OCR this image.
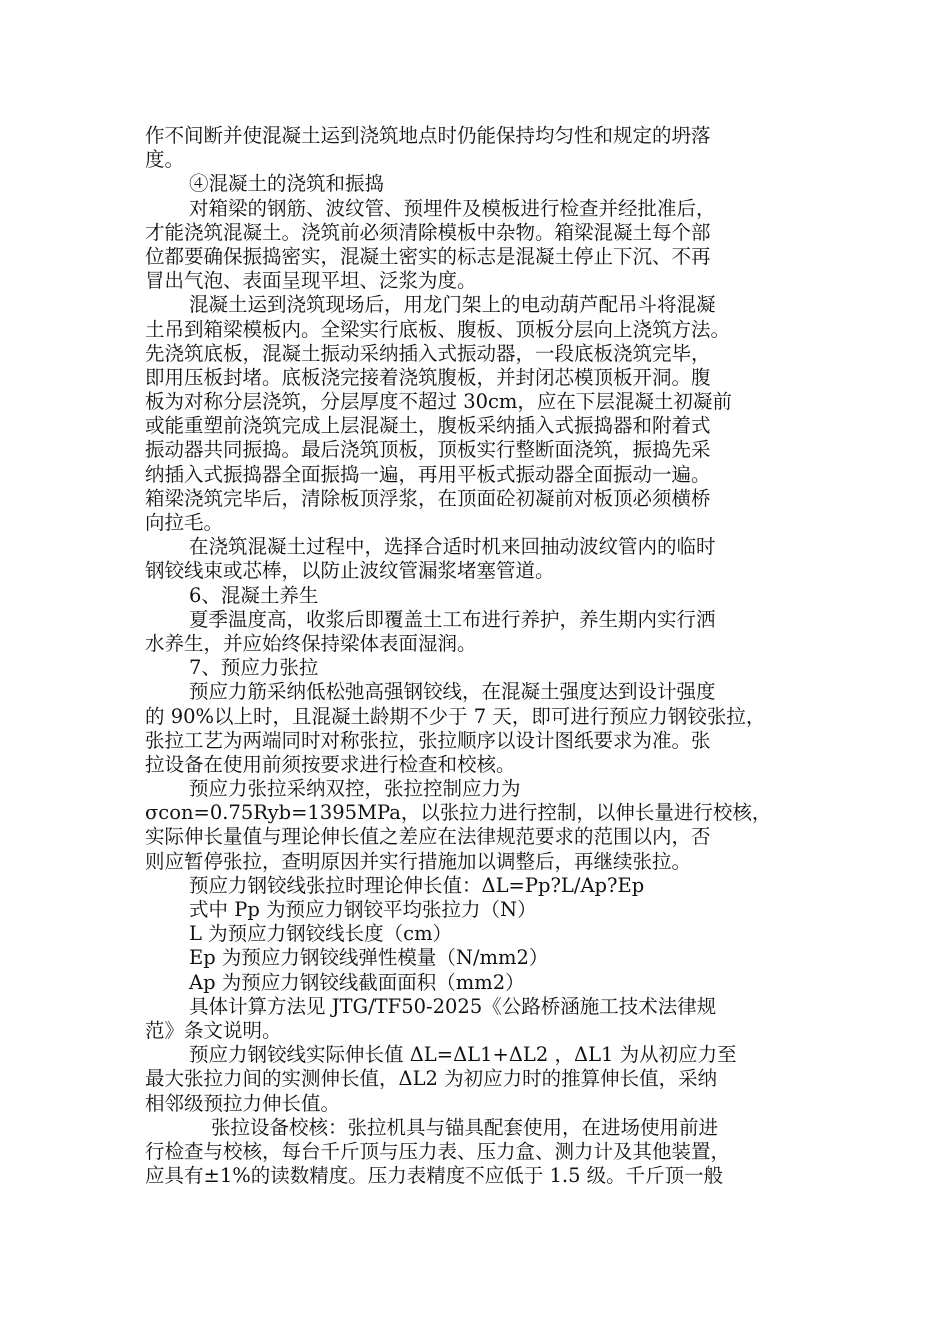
作不间断并使混凝土运到浇筑地点时仍能保持均匀性和规定的坍落
度。
④混凝土的浇筑和振捣
对箱梁的钢筋、波纹管、预埋件及模板进行检查并经批准后，
才能浇筑混凝土。浇筑前必须清除模板中杂物。箱梁混凝土每个部
位都要确保振捣密实，混凝土密实的标志是混凝土停止下沉、不再
冒出气泡、表面呈现平坦、泛浆为度。
混凝土运到浇筑现场后，用龙门架上的电动葫芦配吊斗将混凝
土吊到箱梁模板内。全梁实行底板、腹板、顶板分层向上浇筑方法。
先浇筑底板，混凝土振动采纳插入式振动器，一段底板浇筑完毕，
即用压板封堵。底板浇完接着浇筑腹板，并封闭芯模顶板开洞。腹
板为对称分层浇筑，分层厚度不超过 30cm，应在下层混凝土初凝前
或能重塑前浇筑完成上层混凝土，腹板采纳插入式振捣器和附着式
振动器共同振捣。最后浇筑顶板，顶板实行整断面浇筑，振捣先采
纳插入式振捣器全面振捣一遍，再用平板式振动器全面振动一遍。
箱梁浇筑完毕后，清除板顶浮浆，在顶面砼初凝前对板顶必须横桥
向拉毛。
在浇筑混凝土过程中，选择合适时机来回抽动波纹管内的临时
钢铰线束或芯棒，以防止波纹管漏浆堵塞管道。
6、混凝土养生
夏季温度高，收浆后即覆盖土工布进行养护，养生期内实行洒
水养生，并应始终保持梁体表面湿润。
7、预应力张拉
预应力筋采纳低松弛高强钢铰线，在混凝土强度达到设计强度
的 90%以上时，且混凝土龄期不少于 7 天，即可进行预应力钢铰张拉，
张拉工艺为两端同时对称张拉，张拉顺序以设计图纸要求为准。张
拉设备在使用前须按要求进行检查和校核。
预应力张拉采纳双控，张拉控制应力为
σcon=0.75Ryb=1395MPa，以张拉力进行控制，以伸长量进行校核，
实际伸长量值与理论伸长值之差应在法律规范要求的范围以内，否
则应暂停张拉，查明原因并实行措施加以调整后，再继续张拉。
预应力钢铰线张拉时理论伸长值：ΔL=Pp?L/Ap?Ep
式中 Pp 为预应力钢铰平均张拉力（N）
L 为预应力钢铰线长度（cm）
Ep 为预应力钢铰线弹性模量（N/mm2）
Ap 为预应力钢铰线截面面积（mm2）
具体计算方法见 JTG/TF50-2025《公路桥涵施工技术法律规
范》条文说明。
预应力钢铰线实际伸长值 ΔL=ΔL1+ΔL2 ，ΔL1 为从初应力至
最大张拉力间的实测伸长值，ΔL2 为初应力时的推算伸长值，采纳
相邻级预拉力伸长值。
张拉设备校核：张拉机具与锚具配套使用，在进场使用前进
行检查与校核，每台千斤顶与压力表、压力盒、测力计及其他装置，
应具有±1%的读数精度。压力表精度不应低于 1.5 级。千斤顶一般
